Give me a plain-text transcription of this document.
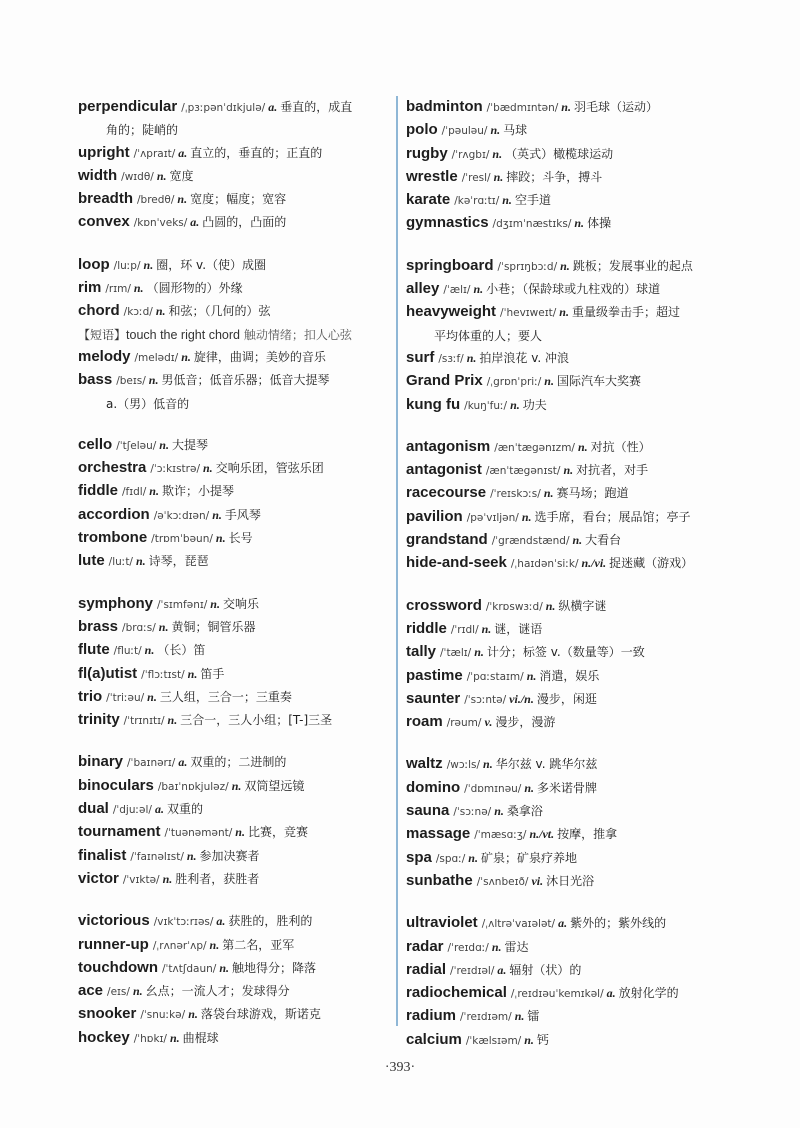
perpendicular /ˌpɜːpənˈdɪkjulə/ a. 垂直的，成直
角的；陡峭的
upright /ˈʌpraɪt/ a. 直立的，垂直的；正直的
width /wɪdθ/ n. 宽度
breadth /bredθ/ n. 宽度；幅度；宽容
convex /kɒnˈveks/ a. 凸圆的，凸面的
loop /luːp/ n. 圈，环 v.（使）成圈
rim /rɪm/ n. （圆形物的）外缘
chord /kɔːd/ n. 和弦；（几何的）弦
【短语】touch the right chord 触动情绪；扣人心弦
melody /melədɪ/ n. 旋律，曲调；美妙的音乐
bass /beɪs/ n. 男低音；低音乐器；低音大提琴
a.（男）低音的
cello /ˈtʃeləu/ n. 大提琴
orchestra /ˈɔːkɪstrə/ n. 交响乐团，管弦乐团
fiddle /fɪdl/ n. 欺诈；小提琴
accordion /əˈkɔːdɪən/ n. 手风琴
trombone /trɒmˈbəun/ n. 长号
lute /luːt/ n. 诗琴，琵琶
symphony /ˈsɪmfənɪ/ n. 交响乐
brass /brɑːs/ n. 黄铜；铜管乐器
flute /fluːt/ n. （长）笛
fl(a)utist /ˈflɔːtɪst/ n. 笛手
trio /ˈtriːəu/ n. 三人组，三合一；三重奏
trinity /ˈtrɪnɪtɪ/ n. 三合一，三人小组；[T-]三圣
binary /ˈbaɪnərɪ/ a. 双重的；二进制的
binoculars /baɪˈnɒkjuləz/ n. 双筒望远镜
dual /ˈdjuːəl/ a. 双重的
tournament /ˈtuənəmənt/ n. 比赛，竞赛
finalist /ˈfaɪnəlɪst/ n. 参加决赛者
victor /ˈvɪktə/ n. 胜利者，获胜者
victorious /vɪkˈtɔːrɪəs/ a. 获胜的，胜利的
runner-up /ˌrʌnərˈʌp/ n. 第二名，亚军
touchdown /ˈtʌtʃdaun/ n. 触地得分；降落
ace /eɪs/ n. 幺点；一流人才；发球得分
snooker /ˈsnuːkə/ n. 落袋台球游戏，斯诺克
hockey /ˈhɒkɪ/ n. 曲棍球
badminton /ˈbædmɪntən/ n. 羽毛球（运动）
polo /ˈpəuləu/ n. 马球
rugby /ˈrʌgbɪ/ n. （英式）橄榄球运动
wrestle /ˈresl/ n. 摔跤；斗争，搏斗
karate /kəˈrɑːtɪ/ n. 空手道
gymnastics /dʒɪmˈnæstɪks/ n. 体操
springboard /ˈsprɪŋbɔːd/ n. 跳板；发展事业的起点
alley /ˈælɪ/ n. 小巷；（保龄球或九柱戏的）球道
heavyweight /ˈhevɪweɪt/ n. 重量级拳击手；超过
平均体重的人；要人
surf /sɜːf/ n. 拍岸浪花 v. 冲浪
Grand Prix /ˌgrɒnˈpriː/ n. 国际汽车大奖赛
kung fu /kuŋˈfuː/ n. 功夫
antagonism /ænˈtægənɪzm/ n. 对抗（性）
antagonist /ænˈtægənɪst/ n. 对抗者，对手
racecourse /ˈreɪskɔːs/ n. 赛马场；跑道
pavilion /pəˈvɪljən/ n. 选手席，看台；展品馆；亭子
grandstand /ˈgrændstænd/ n. 大看台
hide-and-seek /ˌhaɪdənˈsiːk/ n./vi. 捉迷藏（游戏）
crossword /ˈkrɒswɜːd/ n. 纵横字谜
riddle /ˈrɪdl/ n. 谜，谜语
tally /ˈtælɪ/ n. 计分；标签 v.（数量等）一致
pastime /ˈpɑːstaɪm/ n. 消遣，娱乐
saunter /ˈsɔːntə/ vi./n. 漫步，闲逛
roam /rəum/ v. 漫步，漫游
waltz /wɔːls/ n. 华尔兹 v. 跳华尔兹
domino /ˈdɒmɪnəu/ n. 多米诺骨牌
sauna /ˈsɔːnə/ n. 桑拿浴
massage /ˈmæsɑːʒ/ n./vt. 按摩，推拿
spa /spɑː/ n. 矿泉；矿泉疗养地
sunbathe /ˈsʌnbeɪð/ vi. 沐日光浴
ultraviolet /ˌʌltrəˈvaɪələt/ a. 紫外的；紫外线的
radar /ˈreɪdɑː/ n. 雷达
radial /ˈreɪdɪəl/ a. 辐射（状）的
radiochemical /ˌreɪdɪəuˈkemɪkəl/ a. 放射化学的
radium /ˈreɪdɪəm/ n. 镭
calcium /ˈkælsɪəm/ n. 钙
·393·
